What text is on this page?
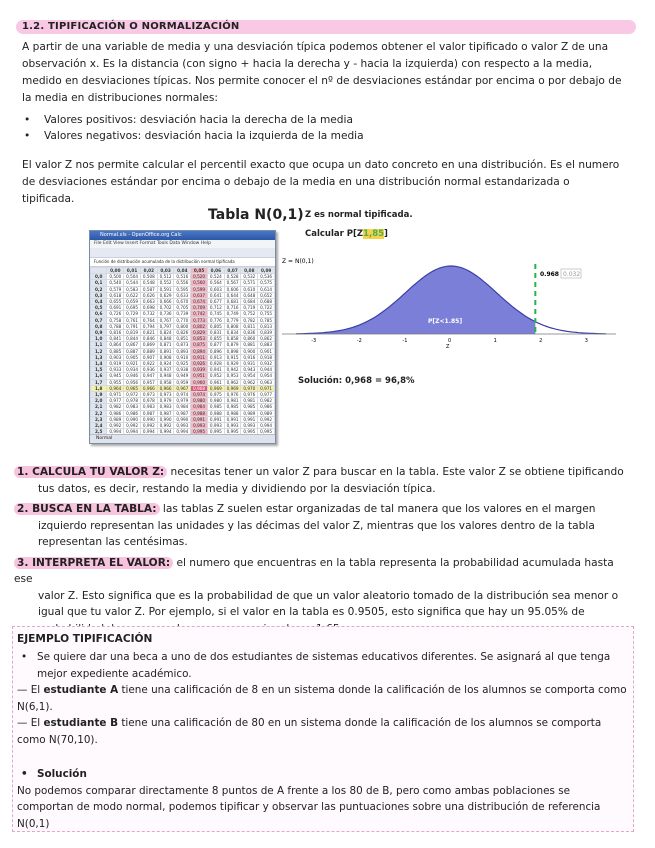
1.2. TIPIFICACIÓN O NORMALIZACIÓN
A partir de una variable de media y una desviación típica podemos obtener el valor tipificado o valor Z de una observación x. Es la distancia (con signo + hacia la derecha y - hacia la izquierda) con respecto a la media, medido en desviaciones típicas. Nos permite conocer el nº de desviaciones estándar por encima o por debajo de la media en distribuciones normales:
• Valores positivos: desviación hacia la derecha de la media
• Valores negativos: desviación hacia la izquierda de la media
El valor Z nos permite calcular el percentil exacto que ocupa un dato concreto en una distribución. Es el numero de desviaciones estándar por encima o debajo de la media en una distribución normal estandarizada o tipificada.
Tabla N(0,1) Z es normal tipificada.
Calcular P[Z1,85]
Normal.xls - OpenOffice.org Calc
File Edit View Insert Format Tools Data Window Help
Función de distribución acumulada de la distribución normal tipificada
	0,00	0,01	0,02	0,03	0,04	0,05	0,06	0,07	0,08	0,09
0,0	0,500	0,504	0,508	0,512	0,516	0,520	0,524	0,528	0,532	0,536
0,1	0,540	0,544	0,548	0,552	0,556	0,560	0,564	0,567	0,571	0,575
0,2	0,579	0,583	0,587	0,591	0,595	0,599	0,603	0,606	0,610	0,614
0,3	0,618	0,622	0,626	0,629	0,633	0,637	0,641	0,644	0,648	0,652
0,4	0,655	0,659	0,663	0,666	0,670	0,674	0,677	0,681	0,684	0,688
0,5	0,691	0,695	0,698	0,702	0,705	0,709	0,712	0,716	0,719	0,722
0,6	0,726	0,729	0,732	0,736	0,739	0,742	0,745	0,749	0,752	0,755
0,7	0,758	0,761	0,764	0,767	0,770	0,773	0,776	0,779	0,782	0,785
0,8	0,788	0,791	0,794	0,797	0,800	0,802	0,805	0,808	0,811	0,813
0,9	0,816	0,819	0,821	0,824	0,826	0,829	0,831	0,834	0,836	0,839
1,0	0,841	0,844	0,846	0,848	0,851	0,853	0,855	0,858	0,860	0,862
1,1	0,864	0,867	0,869	0,871	0,873	0,875	0,877	0,879	0,881	0,883
1,2	0,885	0,887	0,889	0,891	0,893	0,894	0,896	0,898	0,900	0,901
1,3	0,903	0,905	0,907	0,908	0,910	0,911	0,913	0,915	0,916	0,918
1,4	0,919	0,921	0,922	0,924	0,925	0,926	0,928	0,929	0,931	0,932
1,5	0,933	0,934	0,936	0,937	0,938	0,939	0,941	0,942	0,943	0,944
1,6	0,945	0,946	0,947	0,948	0,949	0,951	0,952	0,953	0,954	0,954
1,7	0,955	0,956	0,957	0,958	0,959	0,960	0,961	0,962	0,962	0,963
1,8	0,964	0,965	0,966	0,966	0,967	0,968	0,969	0,969	0,970	0,971
1,9	0,971	0,972	0,973	0,973	0,974	0,974	0,975	0,976	0,976	0,977
2,0	0,977	0,978	0,978	0,979	0,979	0,980	0,980	0,981	0,981	0,982
2,1	0,982	0,983	0,983	0,983	0,984	0,984	0,985	0,985	0,985	0,986
2,2	0,986	0,986	0,987	0,987	0,987	0,988	0,988	0,988	0,989	0,989
2,3	0,989	0,990	0,990	0,990	0,990	0,991	0,991	0,991	0,991	0,992
2,4	0,992	0,992	0,992	0,992	0,993	0,993	0,993	0,993	0,993	0,994
2,5	0,994	0,994	0,994	0,994	0,994	0,995	0,995	0,995	0,995	0,995
Normal
Z = N(0,1)
0.968 0.032
P[Z<1.85]
-3	-2	-1	0	1	2	3
Z
Solución: 0,968 = 96,8%
1. CALCULA TU VALOR Z: necesitas tener un valor Z para buscar en la tabla. Este valor Z se obtiene tipificando
tus datos, es decir, restando la media y dividiendo por la desviación típica.
2. BUSCA EN LA TABLA: las tablas Z suelen estar organizadas de tal manera que los valores en el margen
izquierdo representan las unidades y las décimas del valor Z, mientras que los valores dentro de la tabla
representan las centésimas.
3. INTERPRETA EL VALOR: el numero que encuentras en la tabla representa la probabilidad acumulada hasta ese
valor Z. Esto significa que es la probabilidad de que un valor aleatorio tomado de la distribución sea menor o
igual que tu valor Z. Por ejemplo, si el valor en la tabla es 0.9505, esto significa que hay un 95.05% de
EJEMPLO TIPIFICACIÓN
• Se quiere dar una beca a uno de dos estudiantes de sistemas educativos diferentes. Se asignará al que tenga mejor expediente académico.
— El estudiante A tiene una calificación de 8 en un sistema donde la calificación de los alumnos se comporta como N(6,1).
— El estudiante B tiene una calificación de 80 en un sistema donde la calificación de los alumnos se comporta como N(70,10).
• Solución
No podemos comparar directamente 8 puntos de A frente a los 80 de B, pero como ambas poblaciones se comportan de modo normal, podemos tipificar y observar las puntuaciones sobre una distribución de referencia N(0,1)
